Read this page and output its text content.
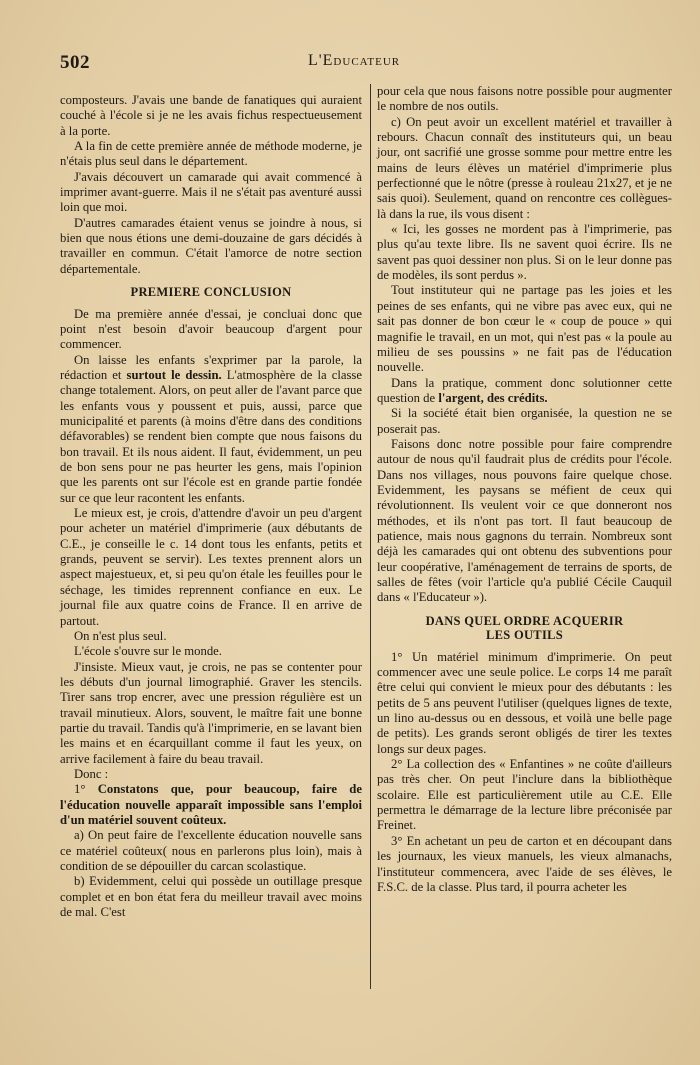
502	L'Educateur

composteurs. J'avais une bande de fanatiques qui auraient couché à l'école si je ne les avais fichus respectueusement à la porte.

A la fin de cette première année de méthode moderne, je n'étais plus seul dans le département.

J'avais découvert un camarade qui avait commencé à imprimer avant-guerre. Mais il ne s'était pas aventuré aussi loin que moi.

D'autres camarades étaient venus se joindre à nous, si bien que nous étions une demi-douzaine de gars décidés à travailler en commun. C'était l'amorce de notre section départementale.

PREMIERE CONCLUSION

De ma première année d'essai, je concluai donc que point n'est besoin d'avoir beaucoup d'argent pour commencer.

On laisse les enfants s'exprimer par la parole, la rédaction et surtout le dessin. L'atmosphère de la classe change totalement. Alors, on peut aller de l'avant parce que les enfants vous y poussent et puis, aussi, parce que municipalité et parents (à moins d'être dans des conditions défavorables) se rendent bien compte que nous faisons du bon travail. Et ils nous aident. Il faut, évidemment, un peu de bon sens pour ne pas heurter les gens, mais l'opinion que les parents ont sur l'école est en grande partie fondée sur ce que leur racontent les enfants.

Le mieux est, je crois, d'attendre d'avoir un peu d'argent pour acheter un matériel d'imprimerie (aux débutants de C.E., je conseille le c. 14 dont tous les enfants, petits et grands, peuvent se servir). Les textes prennent alors un aspect majestueux, et, si peu qu'on étale les feuilles pour le séchage, les timides reprennent confiance en eux. Le journal file aux quatre coins de France. Il en arrive de partout.

On n'est plus seul.

L'école s'ouvre sur le monde.

J'insiste. Mieux vaut, je crois, ne pas se contenter pour les débuts d'un journal limographié. Graver les stencils. Tirer sans trop encrer, avec une pression régulière est un travail minutieux. Alors, souvent, le maître fait une bonne partie du travail. Tandis qu'à l'imprimerie, en se lavant bien les mains et en écarquillant comme il faut les yeux, on arrive facilement à faire du beau travail.

Donc :

1° Constatons que, pour beaucoup, faire de l'éducation nouvelle apparaît impossible sans l'emploi d'un matériel souvent coûteux.

a) On peut faire de l'excellente éducation nouvelle sans ce matériel coûteux( nous en parlerons plus loin), mais à condition de se dépouiller du carcan scolastique.

b) Evidemment, celui qui possède un outillage presque complet et en bon état fera du meilleur travail avec moins de mal. C'est

pour cela que nous faisons notre possible pour augmenter le nombre de nos outils.

c) On peut avoir un excellent matériel et travailler à rebours. Chacun connaît des instituteurs qui, un beau jour, ont sacrifié une grosse somme pour mettre entre les mains de leurs élèves un matériel d'imprimerie plus perfectionné que le nôtre (presse à rouleau 21x27, et je ne sais quoi). Seulement, quand on rencontre ces collègues-là dans la rue, ils vous disent :

« Ici, les gosses ne mordent pas à l'imprimerie, pas plus qu'au texte libre. Ils ne savent quoi écrire. Ils ne savent pas quoi dessiner non plus. Si on le leur donne pas de modèles, ils sont perdus ».

Tout instituteur qui ne partage pas les joies et les peines de ses enfants, qui ne vibre pas avec eux, qui ne sait pas donner de bon cœur le « coup de pouce » qui magnifie le travail, en un mot, qui n'est pas « la poule au milieu de ses poussins » ne fait pas de l'éducation nouvelle.

Dans la pratique, comment donc solutionner cette question de l'argent, des crédits.

Si la société était bien organisée, la question ne se poserait pas.

Faisons donc notre possible pour faire comprendre autour de nous qu'il faudrait plus de crédits pour l'école. Dans nos villages, nous pouvons faire quelque chose. Evidemment, les paysans se méfient de ceux qui révolutionnent. Ils veulent voir ce que donneront nos méthodes, et ils n'ont pas tort. Il faut beaucoup de patience, mais nous gagnons du terrain. Nombreux sont déjà les camarades qui ont obtenu des subventions pour leur coopérative, l'aménagement de terrains de sports, de salles de fêtes (voir l'article qu'a publié Cécile Cauquil dans « l'Educateur »).

DANS QUEL ORDRE ACQUERIR
LES OUTILS

1° Un matériel minimum d'imprimerie. On peut commencer avec une seule police. Le corps 14 me paraît être celui qui convient le mieux pour des débutants : les petits de 5 ans peuvent l'utiliser (quelques lignes de texte, un lino au-dessus ou en dessous, et voilà une belle page de petits). Les grands seront obligés de tirer les textes longs sur deux pages.

2° La collection des « Enfantines » ne coûte d'ailleurs pas très cher. On peut l'inclure dans la bibliothèque scolaire. Elle est particulièrement utile au C.E. Elle permettra le démarrage de la lecture libre préconisée par Freinet.

3° En achetant un peu de carton et en découpant dans les journaux, les vieux manuels, les vieux almanachs, l'instituteur commencera, avec l'aide de ses élèves, le F.S.C. de la classe. Plus tard, il pourra acheter les
